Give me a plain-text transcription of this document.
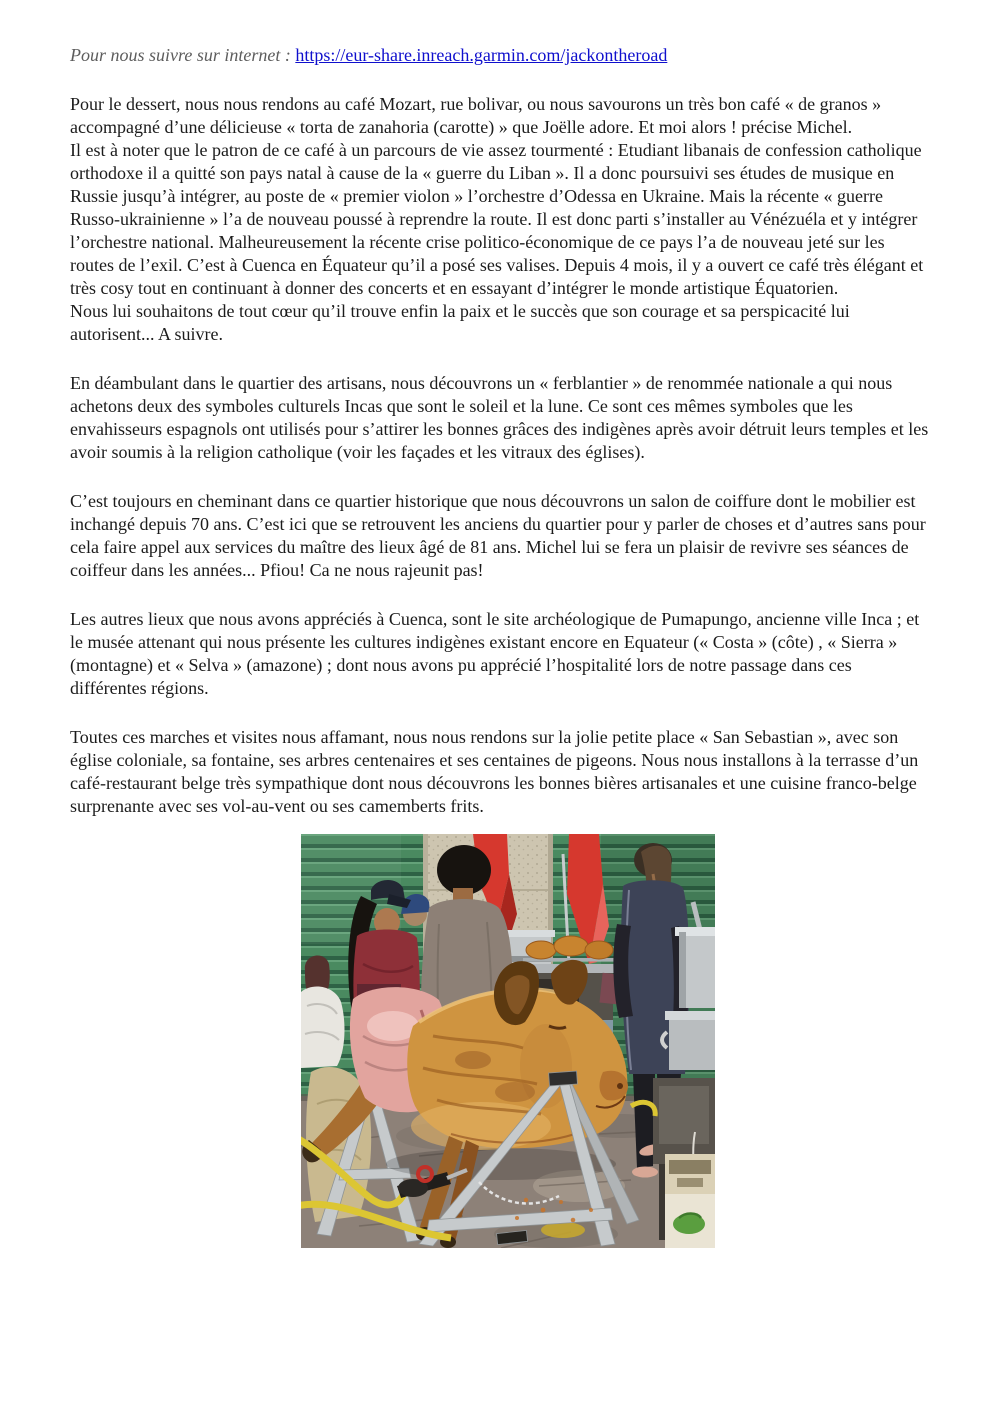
Pour nous suivre sur internet : https://eur-share.inreach.garmin.com/jackontheroad

Pour le dessert, nous nous rendons au café Mozart, rue bolivar, ou nous savourons un très bon café « de granos » accompagné d’une délicieuse « torta de zanahoria (carotte) » que Joëlle adore. Et moi alors ! précise Michel.
Il est à noter que le patron de ce café à un parcours de vie assez tourmenté : Etudiant libanais de confession catholique orthodoxe il a quitté son pays natal à cause de la « guerre du Liban ». Il a donc poursuivi ses études de musique en Russie jusqu’à intégrer, au poste de « premier violon » l’orchestre d’Odessa en Ukraine. Mais la récente « guerre Russo-ukrainienne » l’a de nouveau poussé à reprendre la route. Il est donc parti s’installer au Vénézuéla et y intégrer l’orchestre national. Malheureusement la récente crise politico-économique de ce pays l’a de nouveau jeté sur les routes de l’exil. C’est à Cuenca en Équateur qu’il a posé ses valises. Depuis 4 mois, il y a ouvert ce café très élégant et très cosy tout en continuant à donner des concerts et en essayant d’intégrer le monde artistique Équatorien.
Nous lui souhaitons de tout cœur qu’il trouve enfin la paix et le succès que son courage et sa perspicacité lui autorisent... A suivre.

En déambulant dans le quartier des artisans, nous découvrons un « ferblantier » de renommée nationale a qui nous achetons deux des symboles culturels Incas que sont le soleil et la lune. Ce sont ces mêmes symboles que les envahisseurs espagnols ont utilisés pour s’attirer les bonnes grâces des indigènes après avoir détruit leurs temples et les avoir soumis à la religion catholique (voir les façades et les vitraux des églises).

C’est toujours en cheminant dans ce quartier historique que nous découvrons un salon de coiffure dont le mobilier est inchangé depuis 70 ans. C’est ici que se retrouvent les anciens du quartier pour y parler de choses et d’autres sans pour cela faire appel aux services du maître des lieux âgé de 81 ans. Michel lui se fera un plaisir de revivre ses séances de coiffeur dans les années... Pfiou! Ca ne nous rajeunit pas!

Les autres lieux que nous avons appréciés à Cuenca, sont le site archéologique de Pumapungo, ancienne ville Inca ; et le musée attenant qui nous présente les cultures indigènes existant encore en Equateur (« Costa » (côte) , « Sierra » (montagne) et « Selva » (amazone) ; dont nous avons pu apprécié l’hospitalité lors de notre passage dans ces différentes régions.

Toutes ces marches et visites nous affamant, nous nous rendons sur la jolie petite place « San Sebastian », avec son église coloniale, sa fontaine, ses arbres centenaires et ses centaines de pigeons. Nous nous installons à la terrasse d’un café-restaurant belge très sympathique dont nous découvrons les bonnes bières artisanales et une cuisine franco-belge surprenante avec ses vol-au-vent ou ses camemberts frits.
